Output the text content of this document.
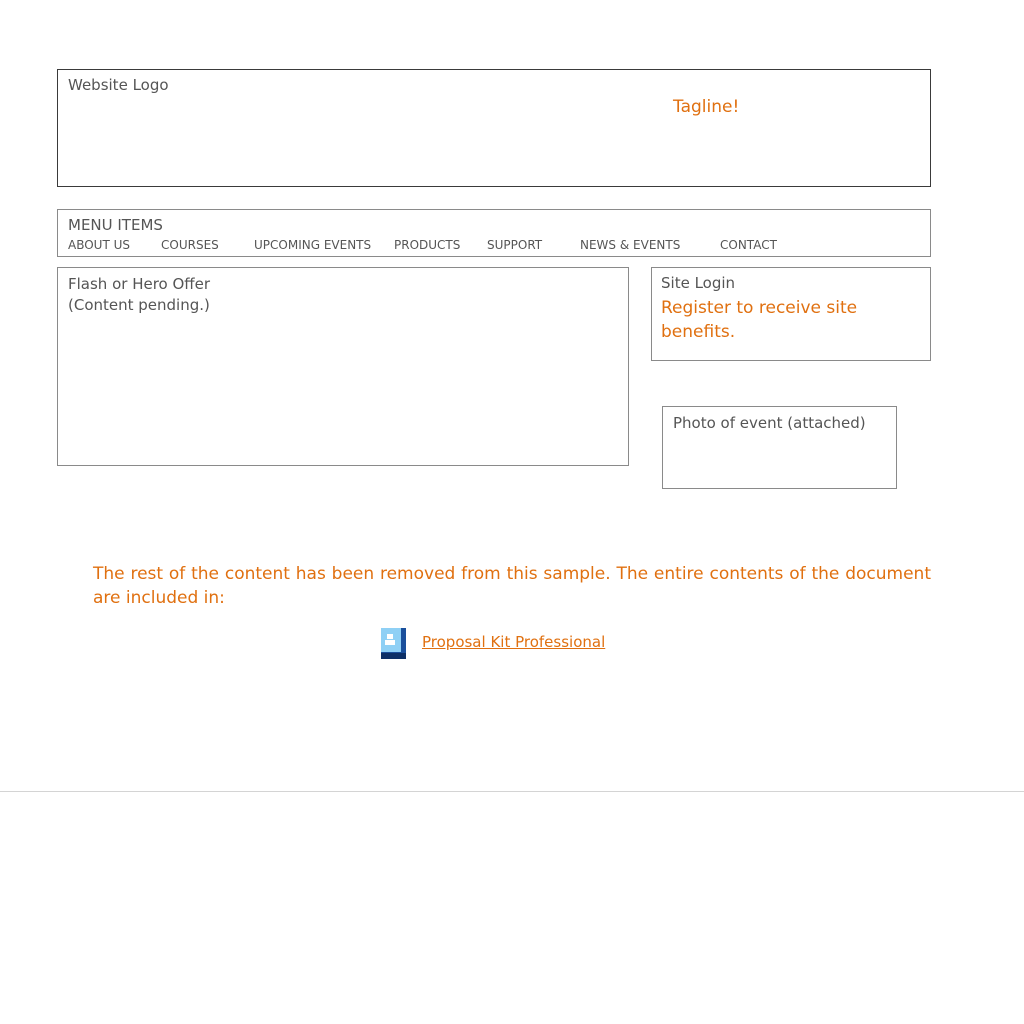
Website Logo
Tagline!
MENU ITEMS
ABOUT US	COURSES	UPCOMING EVENTS PRODUCTS SUPPORT	NEWS & EVENTS	CONTACT
Flash or Hero Offer
(Content pending.)
Site Login
Register to receive site benefits.
Photo of event (attached)
The rest of the content has been removed from this sample. The entire contents of the document are included in:
Proposal Kit Professional
